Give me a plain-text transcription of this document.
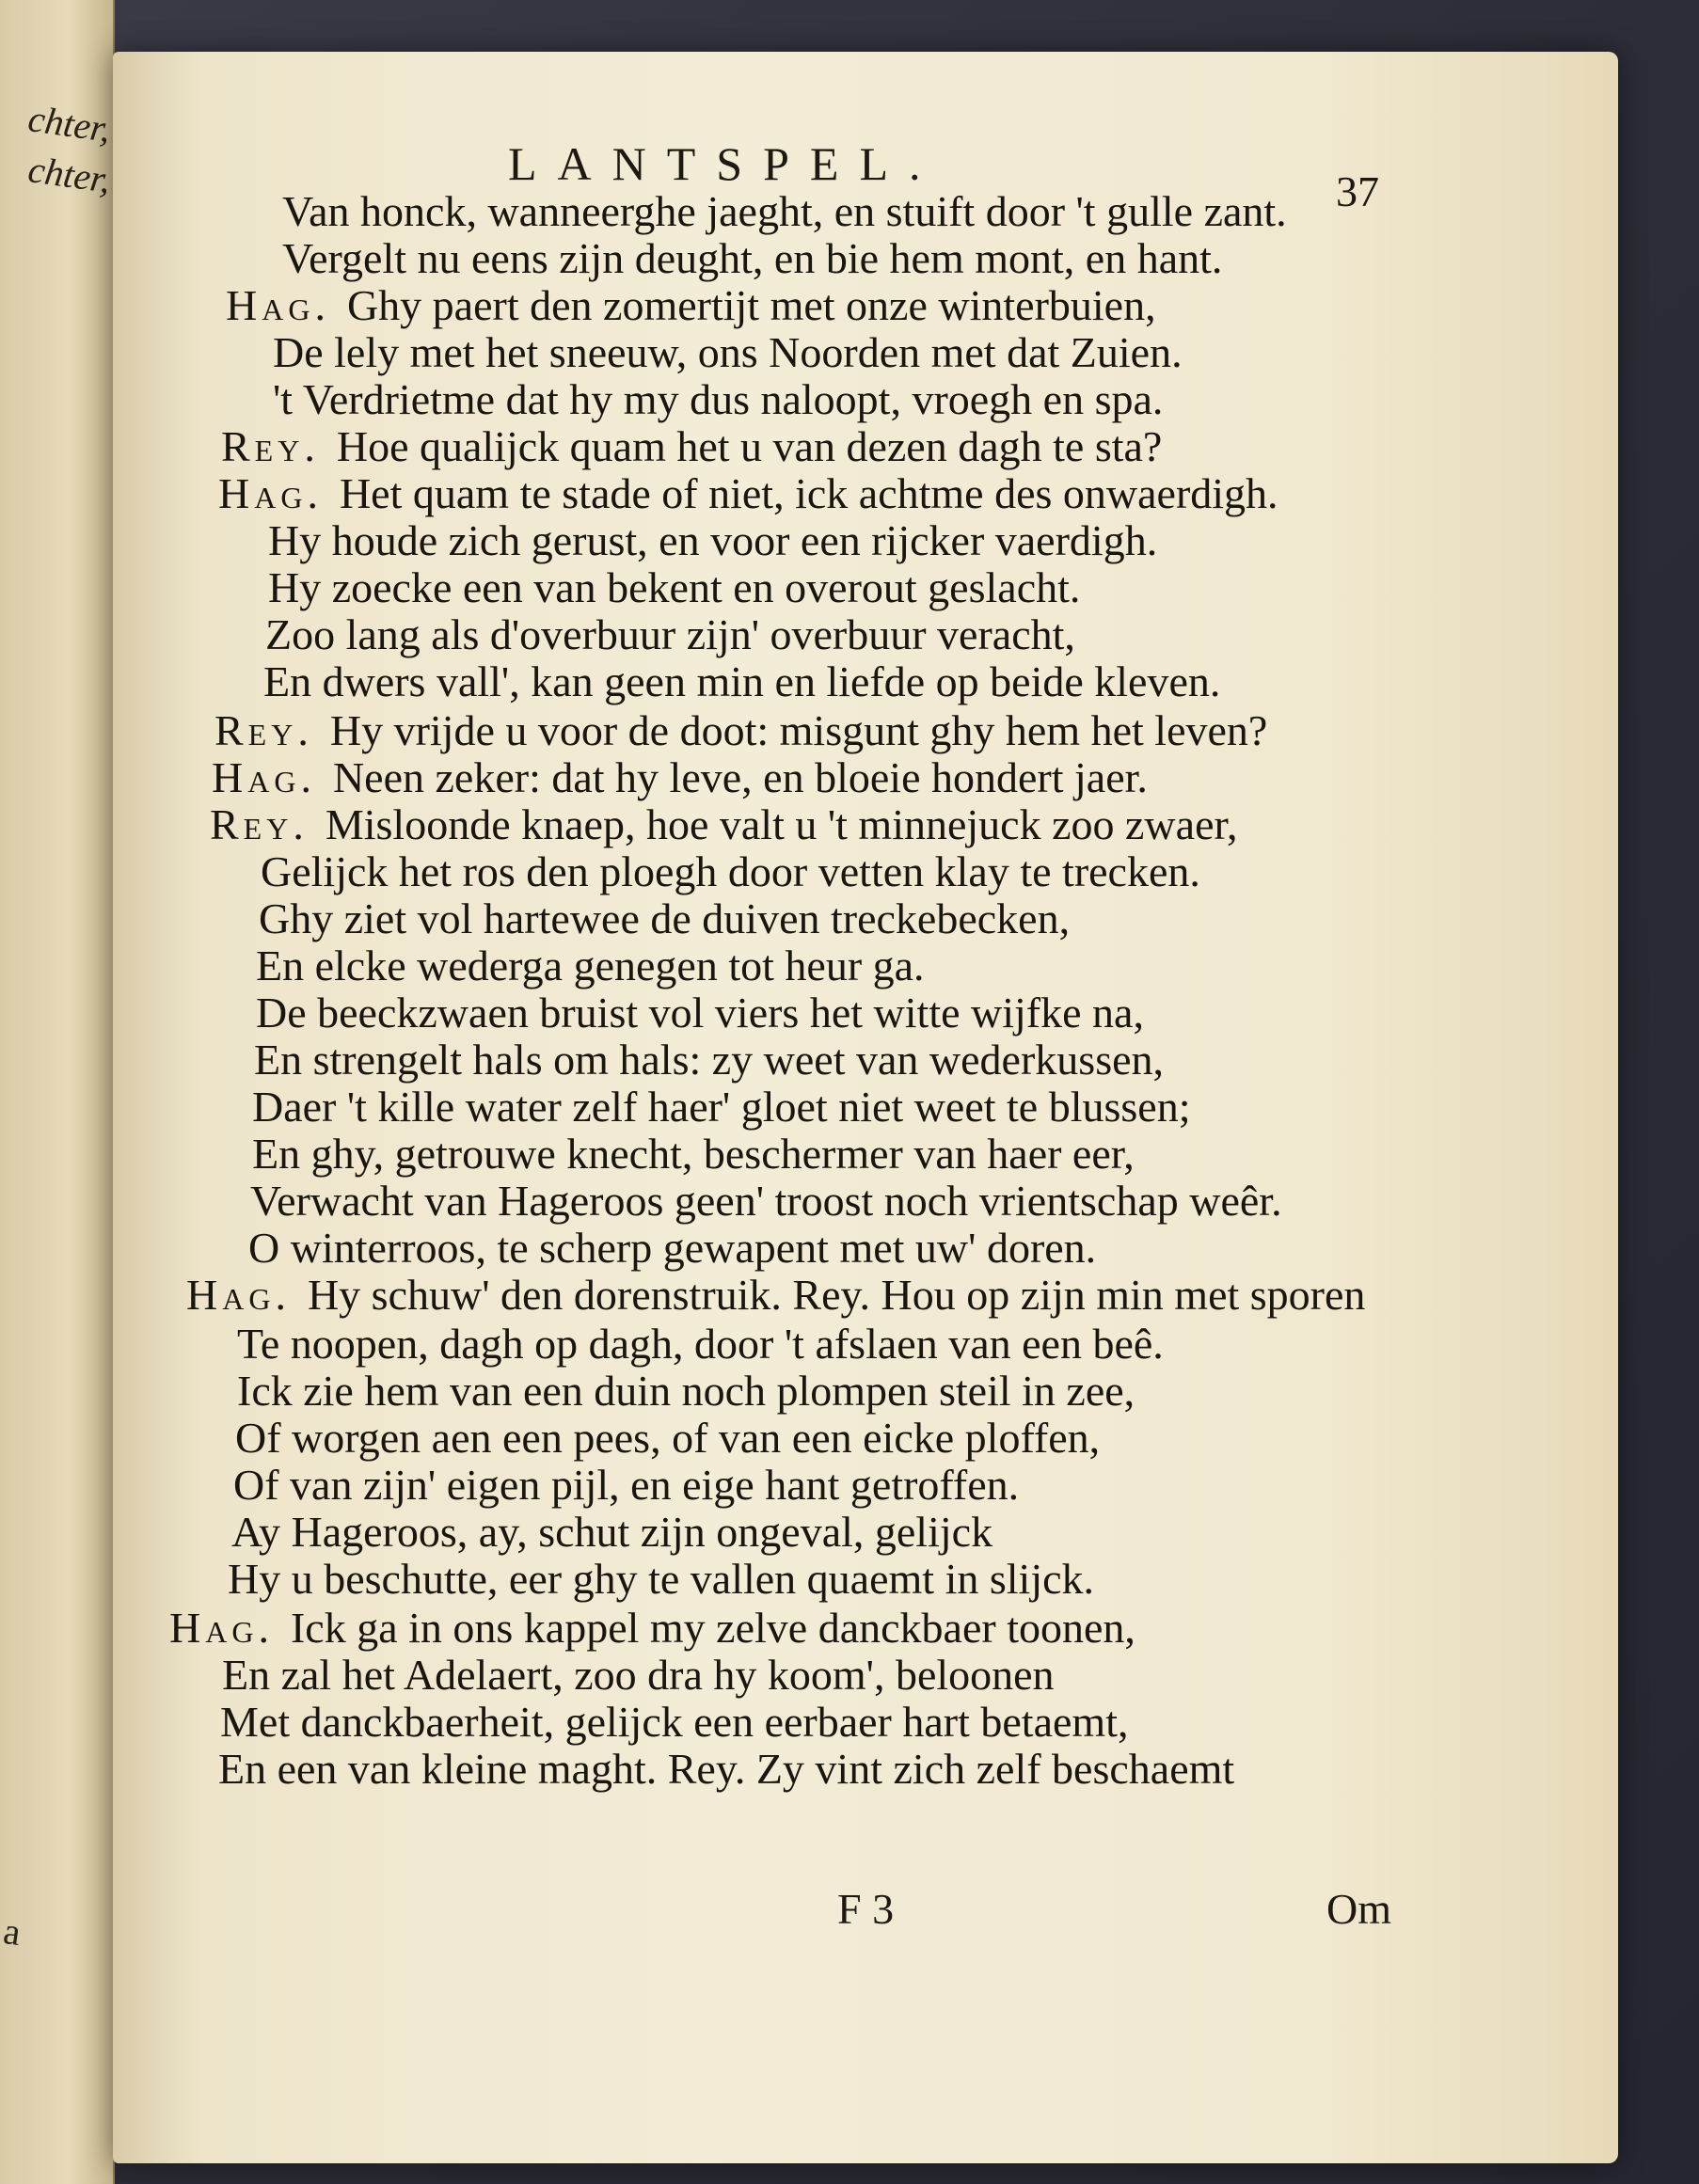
chter,
chter,
a
LANTSPEL.
37
Van honck, wanneerghe jaeght, en stuift door 't gulle zant.
Vergelt nu eens zijn deught, en bie hem mont, en hant.
Hag. Ghy paert den zomertijt met onze winterbuien,
De lely met het sneeuw, ons Noorden met dat Zuien.
't Verdrietme dat hy my dus naloopt, vroegh en spa.
Rey. Hoe qualijck quam het u van dezen dagh te sta?
Hag. Het quam te stade of niet, ick achtme des onwaerdigh.
Hy houde zich gerust, en voor een rijcker vaerdigh.
Hy zoecke een van bekent en overout geslacht.
Zoo lang als d'overbuur zijn' overbuur veracht,
En dwers vall', kan geen min en liefde op beide kleven.
Rey. Hy vrijde u voor de doot: misgunt ghy hem het leven?
Hag. Neen zeker: dat hy leve, en bloeie hondert jaer.
Rey. Misloonde knaep, hoe valt u 't minnejuck zoo zwaer,
Gelijck het ros den ploegh door vetten klay te trecken.
Ghy ziet vol hartewee de duiven treckebecken,
En elcke wederga genegen tot heur ga.
De beeckzwaen bruist vol viers het witte wijfke na,
En strengelt hals om hals: zy weet van wederkussen,
Daer 't kille water zelf haer' gloet niet weet te blussen;
En ghy, getrouwe knecht, beschermer van haer eer,
Verwacht van Hageroos geen' troost noch vrientschap weêr.
O winterroos, te scherp gewapent met uw' doren.
Hag. Hy schuw' den dorenstruik. Rey. Hou op zijn min met sporen
Te noopen, dagh op dagh, door 't afslaen van een beê.
Ick zie hem van een duin noch plompen steil in zee,
Of worgen aen een pees, of van een eicke ploffen,
Of van zijn' eigen pijl, en eige hant getroffen.
Ay Hageroos, ay, schut zijn ongeval, gelijck
Hy u beschutte, eer ghy te vallen quaemt in slijck.
Hag. Ick ga in ons kappel my zelve danckbaer toonen,
En zal het Adelaert, zoo dra hy koom', beloonen
Met danckbaerheit, gelijck een eerbaer hart betaemt,
En een van kleine maght. Rey. Zy vint zich zelf beschaemt
F 3	Om
